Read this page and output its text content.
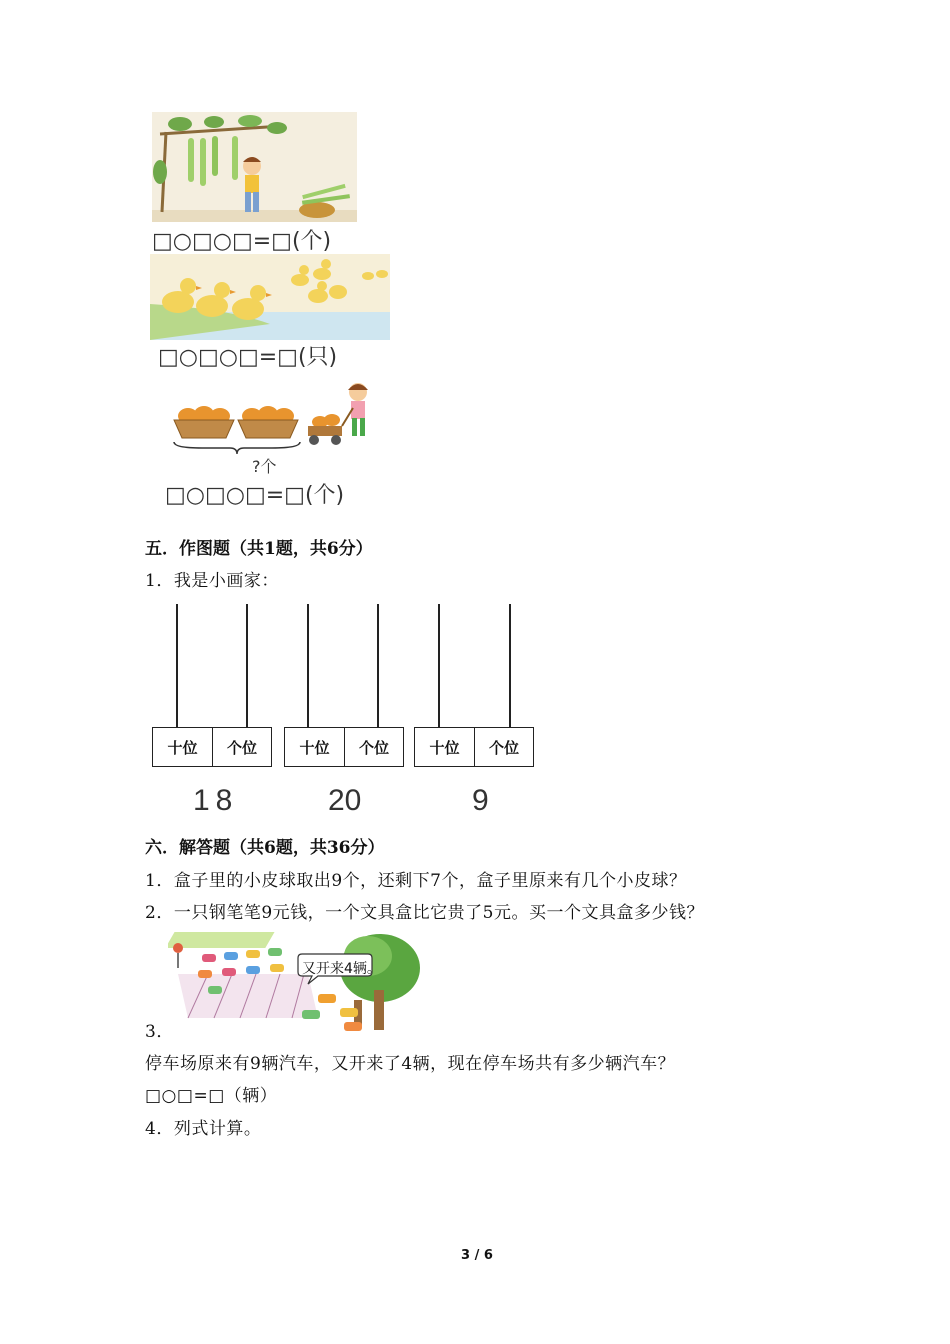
□○□○□=□(个)
□○□○□=□(只)
?个
□○□○□=□(个)
五．作图题（共1题，共6分）
1．我是小画家：
十位	个位
18
十位	个位
20
十位	个位
9
六．解答题（共6题，共36分）
1．盒子里的小皮球取出9个，还剩下7个，盒子里原来有几个小皮球？
2．一只钢笔笔9元钱，一个文具盒比它贵了5元。买一个文具盒多少钱？
又开来4辆。
3．
停车场原来有9辆汽车，又开来了4辆，现在停车场共有多少辆汽车？
□○□=□（辆）
4．列式计算。
3 / 6
